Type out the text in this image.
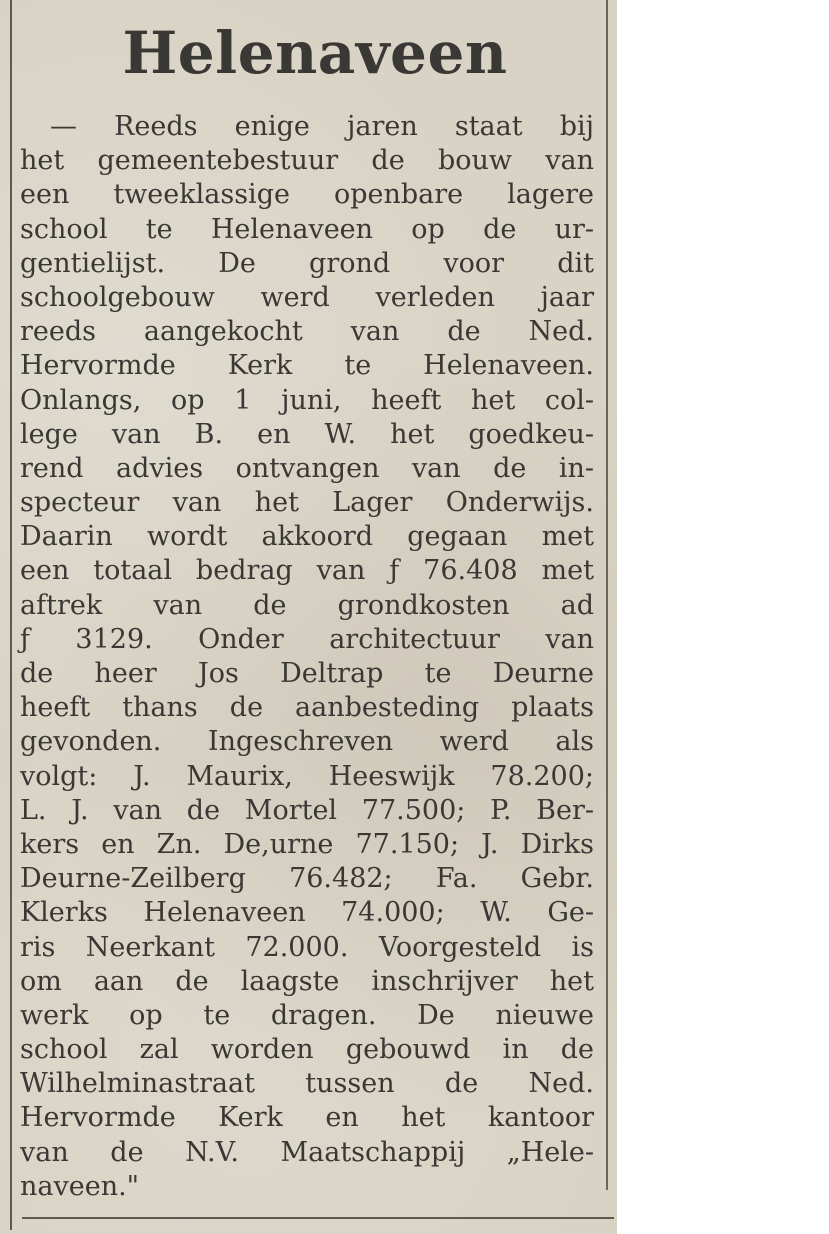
Helenaveen
— Reeds enige jaren staat bij
het gemeentebestuur de bouw van
een tweeklassige openbare lagere
school te Helenaveen op de ur-
gentielijst. De grond voor dit
schoolgebouw werd verleden jaar
reeds aangekocht van de Ned.
Hervormde Kerk te Helenaveen.
Onlangs, op 1 juni, heeft het col-
lege van B. en W. het goedkeu-
rend advies ontvangen van de in-
specteur van het Lager Onderwijs.
Daarin wordt akkoord gegaan met
een totaal bedrag van ƒ 76.408 met
aftrek van de grondkosten ad
ƒ 3129. Onder architectuur van
de heer Jos Deltrap te Deurne
heeft thans de aanbesteding plaats
gevonden. Ingeschreven werd als
volgt: J. Maurix, Heeswijk 78.200;
L. J. van de Mortel 77.500; P. Ber-
kers en Zn. De,urne 77.150; J. Dirks
Deurne-Zeilberg 76.482; Fa. Gebr.
Klerks Helenaveen 74.000; W. Ge-
ris Neerkant 72.000. Voorgesteld is
om aan de laagste inschrijver het
werk op te dragen. De nieuwe
school zal worden gebouwd in de
Wilhelminastraat tussen de Ned.
Hervormde Kerk en het kantoor
van de N.V. Maatschappij „Hele-
naveen."
